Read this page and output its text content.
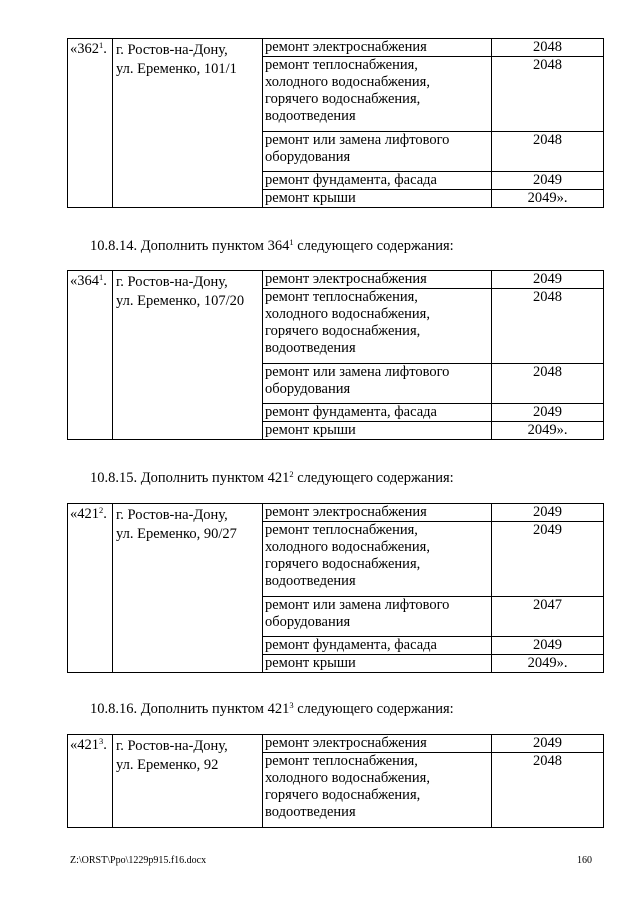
«$362^1$.	г. Ростов-на-Дону,
ул. Еременко, 101/1	ремонт электроснабжения	2048
		ремонт теплоснабжения,
холодного водоснабжения,
горячего водоснабжения,
водоотведения	2048
		ремонт или замена лифтового
оборудования	2048
		ремонт фундамента, фасада	2049
		ремонт крыши	2049».
10.8.14. Дополнить пунктом $364^1$ следующего содержания:
«$364^1$.	г. Ростов-на-Дону,
ул. Еременко, 107/20	ремонт электроснабжения	2049
		ремонт теплоснабжения,
холодного водоснабжения,
горячего водоснабжения,
водоотведения	2048
		ремонт или замена лифтового
оборудования	2048
		ремонт фундамента, фасада	2049
		ремонт крыши	2049».
10.8.15. Дополнить пунктом $421^2$ следующего содержания:
«$421^2$.	г. Ростов-на-Дону,
ул. Еременко, 90/27	ремонт электроснабжения	2049
		ремонт теплоснабжения,
холодного водоснабжения,
горячего водоснабжения,
водоотведения	2049
		ремонт или замена лифтового
оборудования	2047
		ремонт фундамента, фасада	2049
		ремонт крыши	2049».
10.8.16. Дополнить пунктом $421^3$ следующего содержания:
«$421^3$.	г. Ростов-на-Дону,
ул. Еременко, 92	ремонт электроснабжения	2049
		ремонт теплоснабжения,
холодного водоснабжения,
горячего водоснабжения,
водоотведения	2048
Z:\ORST\Ppo\1229p915.f16.docx	160
